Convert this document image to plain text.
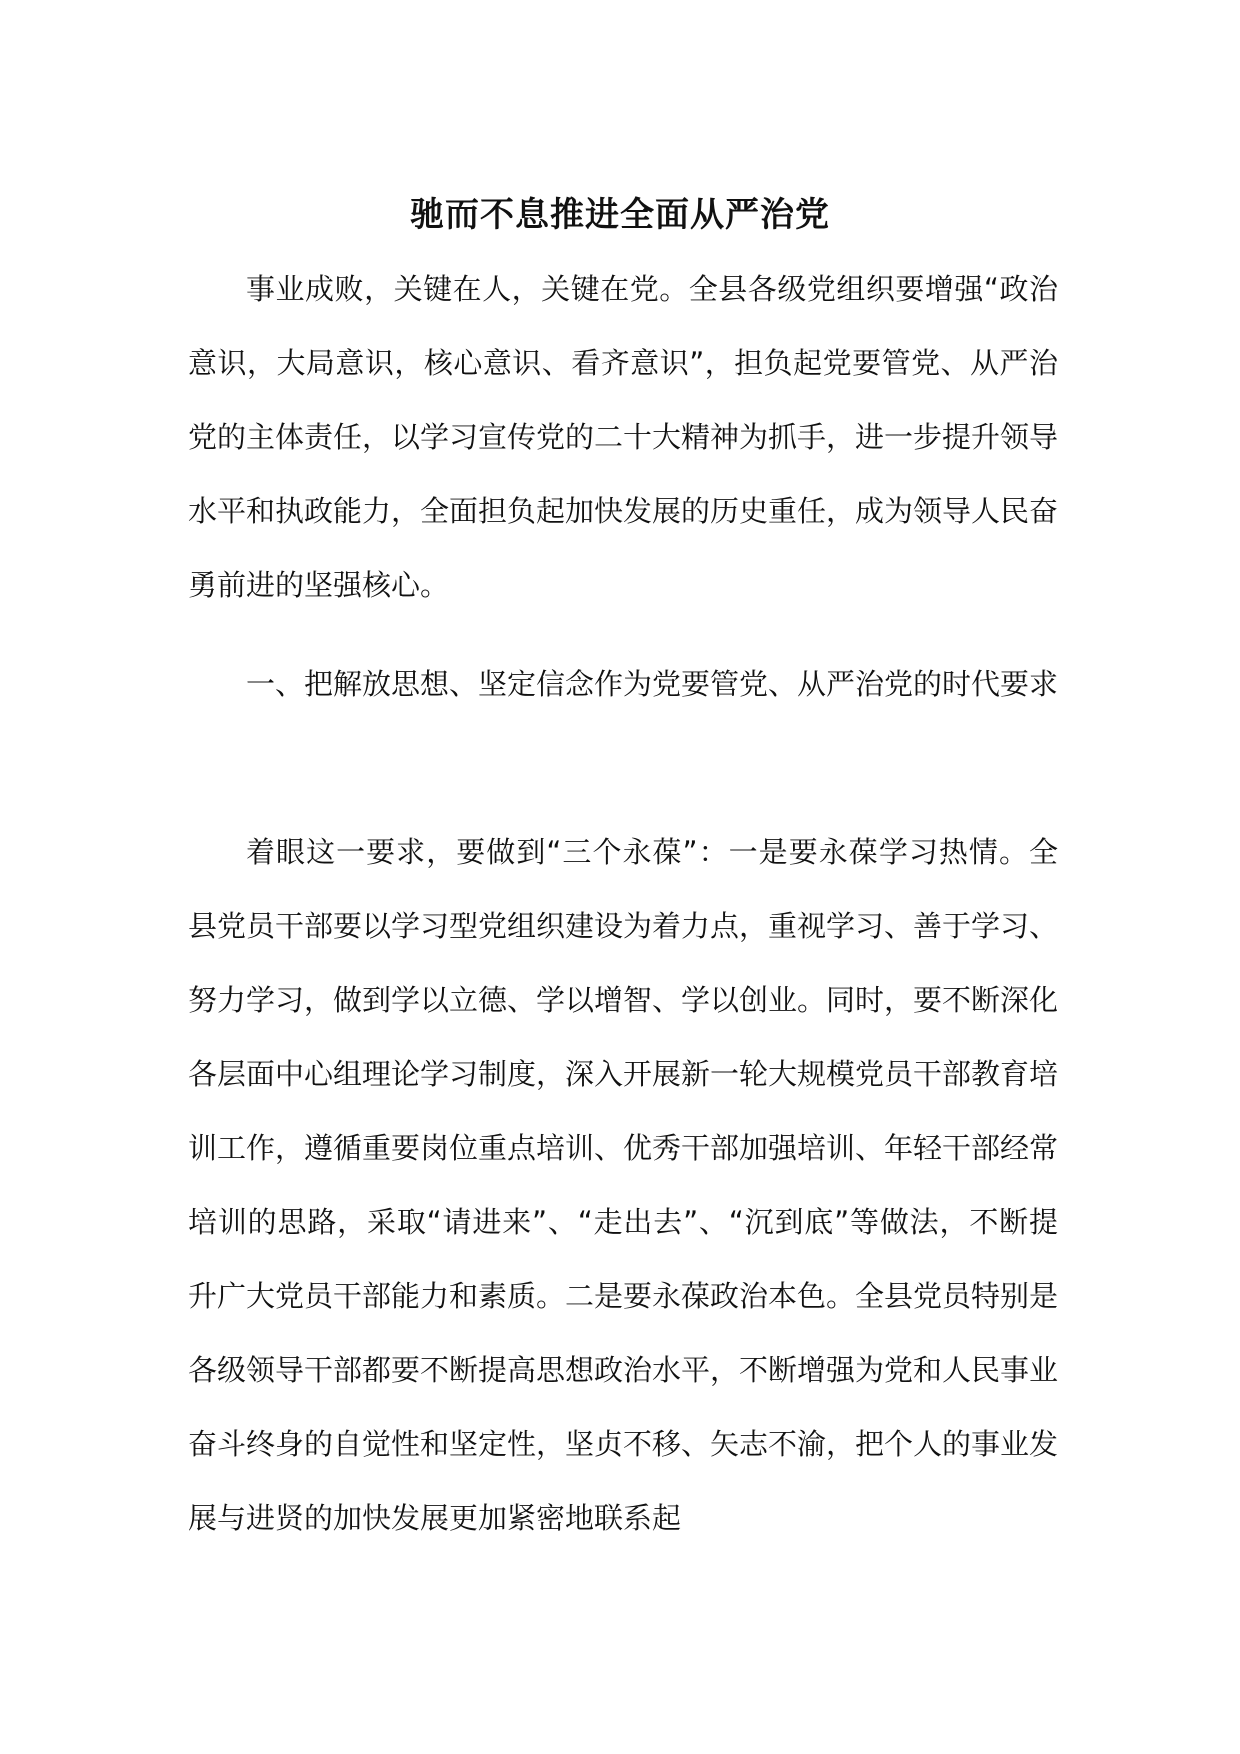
驰而不息推进全面从严治党

事业成败，关键在人，关键在党。全县各级党组织要增强“政治意识，大局意识，核心意识、看齐意识”，担负起党要管党、从严治党的主体责任，以学习宣传党的二十大精神为抓手，进一步提升领导水平和执政能力，全面担负起加快发展的历史重任，成为领导人民奋勇前进的坚强核心。

一、把解放思想、坚定信念作为党要管党、从严治党的时代要求

着眼这一要求，要做到“三个永葆”：一是要永葆学习热情。全县党员干部要以学习型党组织建设为着力点，重视学习、善于学习、努力学习，做到学以立德、学以增智、学以创业。同时，要不断深化各层面中心组理论学习制度，深入开展新一轮大规模党员干部教育培训工作，遵循重要岗位重点培训、优秀干部加强培训、年轻干部经常培训的思路，采取“请进来”、“走出去”、“沉到底”等做法，不断提升广大党员干部能力和素质。二是要永葆政治本色。全县党员特别是各级领导干部都要不断提高思想政治水平，不断增强为党和人民事业奋斗终身的自觉性和坚定性，坚贞不移、矢志不渝，把个人的事业发展与进贤的加快发展更加紧密地联系起
